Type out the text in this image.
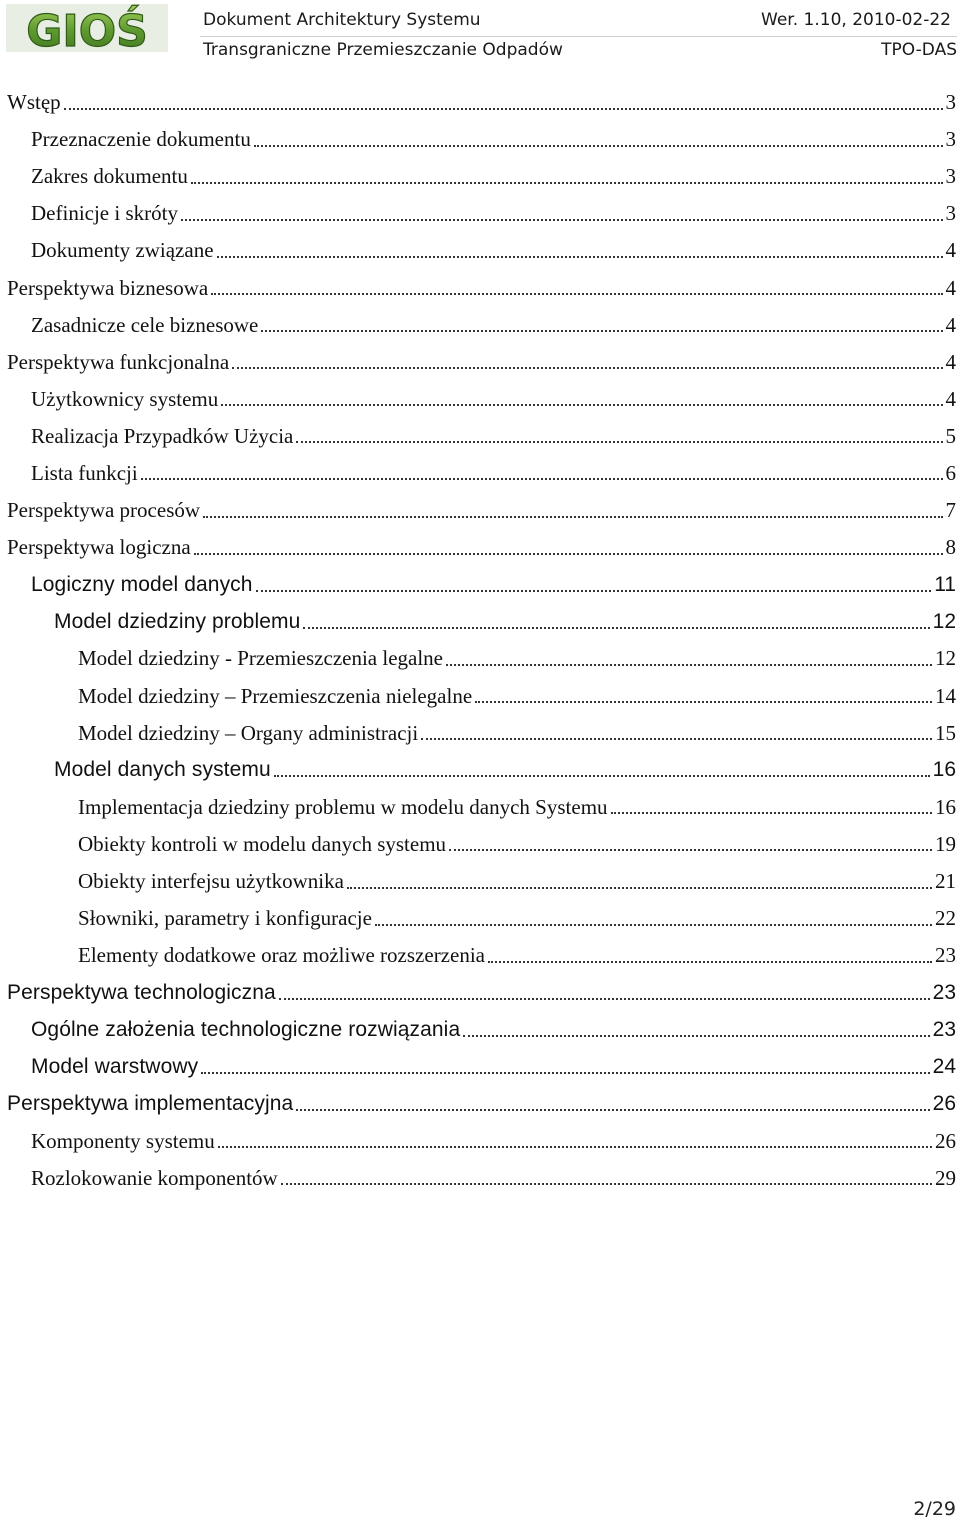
GIOŚ	Dokument Architektury Systemu	Wer. 1.10, 2010-02-22
Transgraniczne Przemieszczanie Odpadów	TPO-DAS
Wstęp	3
Przeznaczenie dokumentu	3
Zakres dokumentu	3
Definicje i skróty	3
Dokumenty związane	4
Perspektywa biznesowa	4
Zasadnicze cele biznesowe	4
Perspektywa funkcjonalna	4
Użytkownicy systemu	4
Realizacja Przypadków Użycia	5
Lista funkcji	6
Perspektywa procesów	7
Perspektywa logiczna	8
Logiczny model danych	11
Model dziedziny problemu	12
Model dziedziny - Przemieszczenia legalne	12
Model dziedziny – Przemieszczenia nielegalne	14
Model dziedziny – Organy administracji	15
Model danych systemu	16
Implementacja dziedziny problemu w modelu danych Systemu	16
Obiekty kontroli w modelu danych systemu	19
Obiekty interfejsu użytkownika	21
Słowniki, parametry i konfiguracje	22
Elementy dodatkowe oraz możliwe rozszerzenia	23
Perspektywa technologiczna	23
Ogólne założenia technologiczne rozwiązania	23
Model warstwowy	24
Perspektywa implementacyjna	26
Komponenty systemu	26
Rozlokowanie komponentów	29
2/29
